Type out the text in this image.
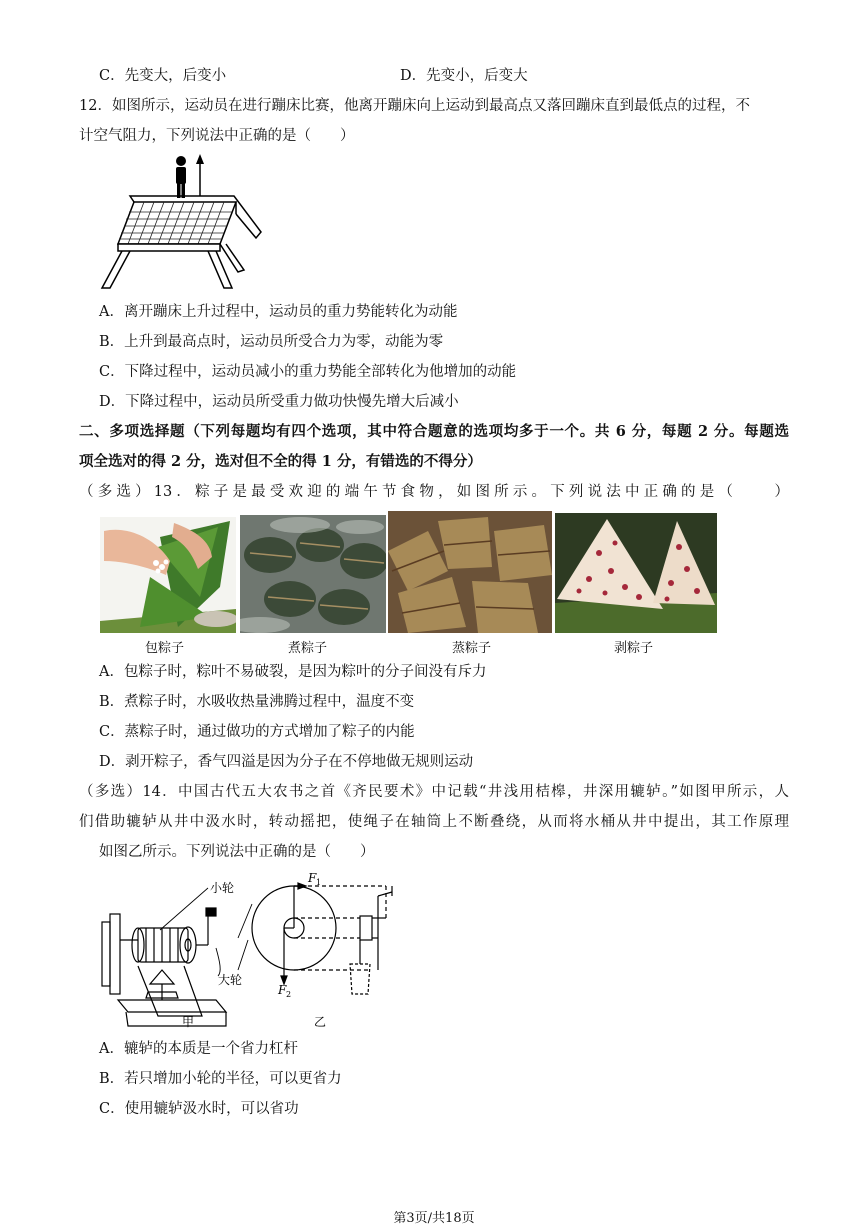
C．先变大，后变小	D．先变小，后变大
12．如图所示，运动员在进行蹦床比赛，他离开蹦床向上运动到最高点又落回蹦床直到最低点的过程，不
计空气阻力，下列说法中正确的是（　　）
A．离开蹦床上升过程中，运动员的重力势能转化为动能
B．上升到最高点时，运动员所受合力为零，动能为零
C．下降过程中，运动员减小的重力势能全部转化为他增加的动能
D．下降过程中，运动员所受重力做功快慢先增大后减小
二、多项选择题（下列每题均有四个选项，其中符合题意的选项均多于一个。共 6 分，每题 2 分。每题选
项全选对的得 2 分，选对但不全的得 1 分，有错选的不得分）
（多选）13．粽子是最受欢迎的端午节食物，如图所示。下列说法中正确的是（　　）
包粽子	煮粽子	蒸粽子	剥粽子
A．包粽子时，粽叶不易破裂，是因为粽叶的分子间没有斥力
B．煮粽子时，水吸收热量沸腾过程中，温度不变
C．蒸粽子时，通过做功的方式增加了粽子的内能
D．剥开粽子，香气四溢是因为分子在不停地做无规则运动
（多选）14．中国古代五大农书之首《齐民要术》中记载“井浅用桔槔，井深用辘轳。”如图甲所示，人
们借助辘轳从井中汲水时，转动摇把，使绳子在轴筒上不断叠绕，从而将水桶从井中提出，其工作原理
如图乙所示。下列说法中正确的是（　　）
小轮
大轮
甲	乙
F 1
F 2
A．辘轳的本质是一个省力杠杆
B．若只增加小轮的半径，可以更省力
C．使用辘轳汲水时，可以省功
第3页/共18页
